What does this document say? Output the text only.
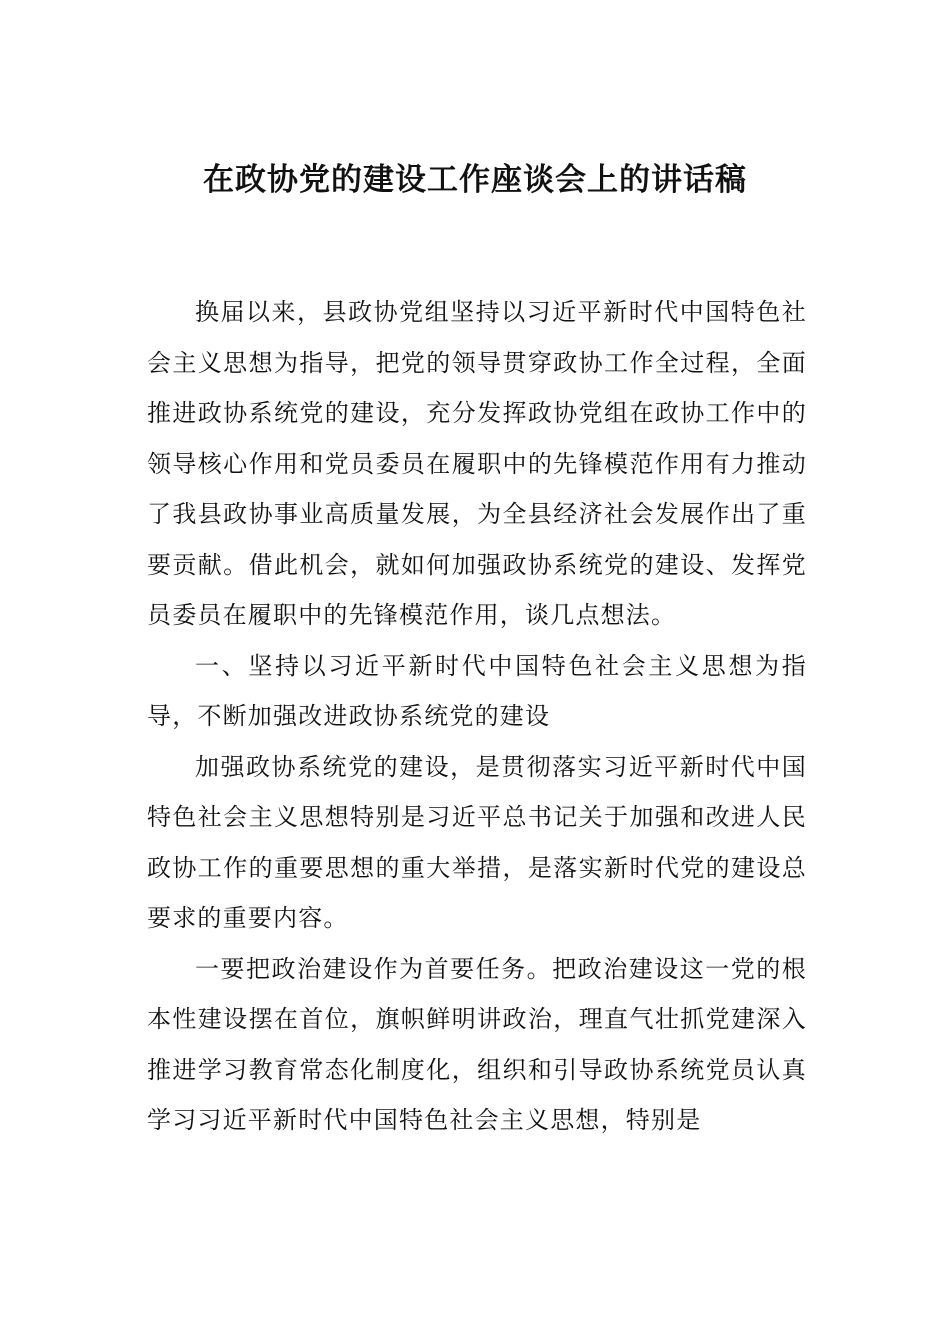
在政协党的建设工作座谈会上的讲话稿

换届以来，县政协党组坚持以习近平新时代中国特色社会主义思想为指导，把党的领导贯穿政协工作全过程，全面推进政协系统党的建设，充分发挥政协党组在政协工作中的领导核心作用和党员委员在履职中的先锋模范作用有力推动了我县政协事业高质量发展，为全县经济社会发展作出了重要贡献。借此机会，就如何加强政协系统党的建设、发挥党员委员在履职中的先锋模范作用，谈几点想法。

一、坚持以习近平新时代中国特色社会主义思想为指导，不断加强改进政协系统党的建设

加强政协系统党的建设，是贯彻落实习近平新时代中国特色社会主义思想特别是习近平总书记关于加强和改进人民政协工作的重要思想的重大举措，是落实新时代党的建设总要求的重要内容。

一要把政治建设作为首要任务。把政治建设这一党的根本性建设摆在首位，旗帜鲜明讲政治，理直气壮抓党建深入推进学习教育常态化制度化，组织和引导政协系统党员认真学习习近平新时代中国特色社会主义思想，特别是
